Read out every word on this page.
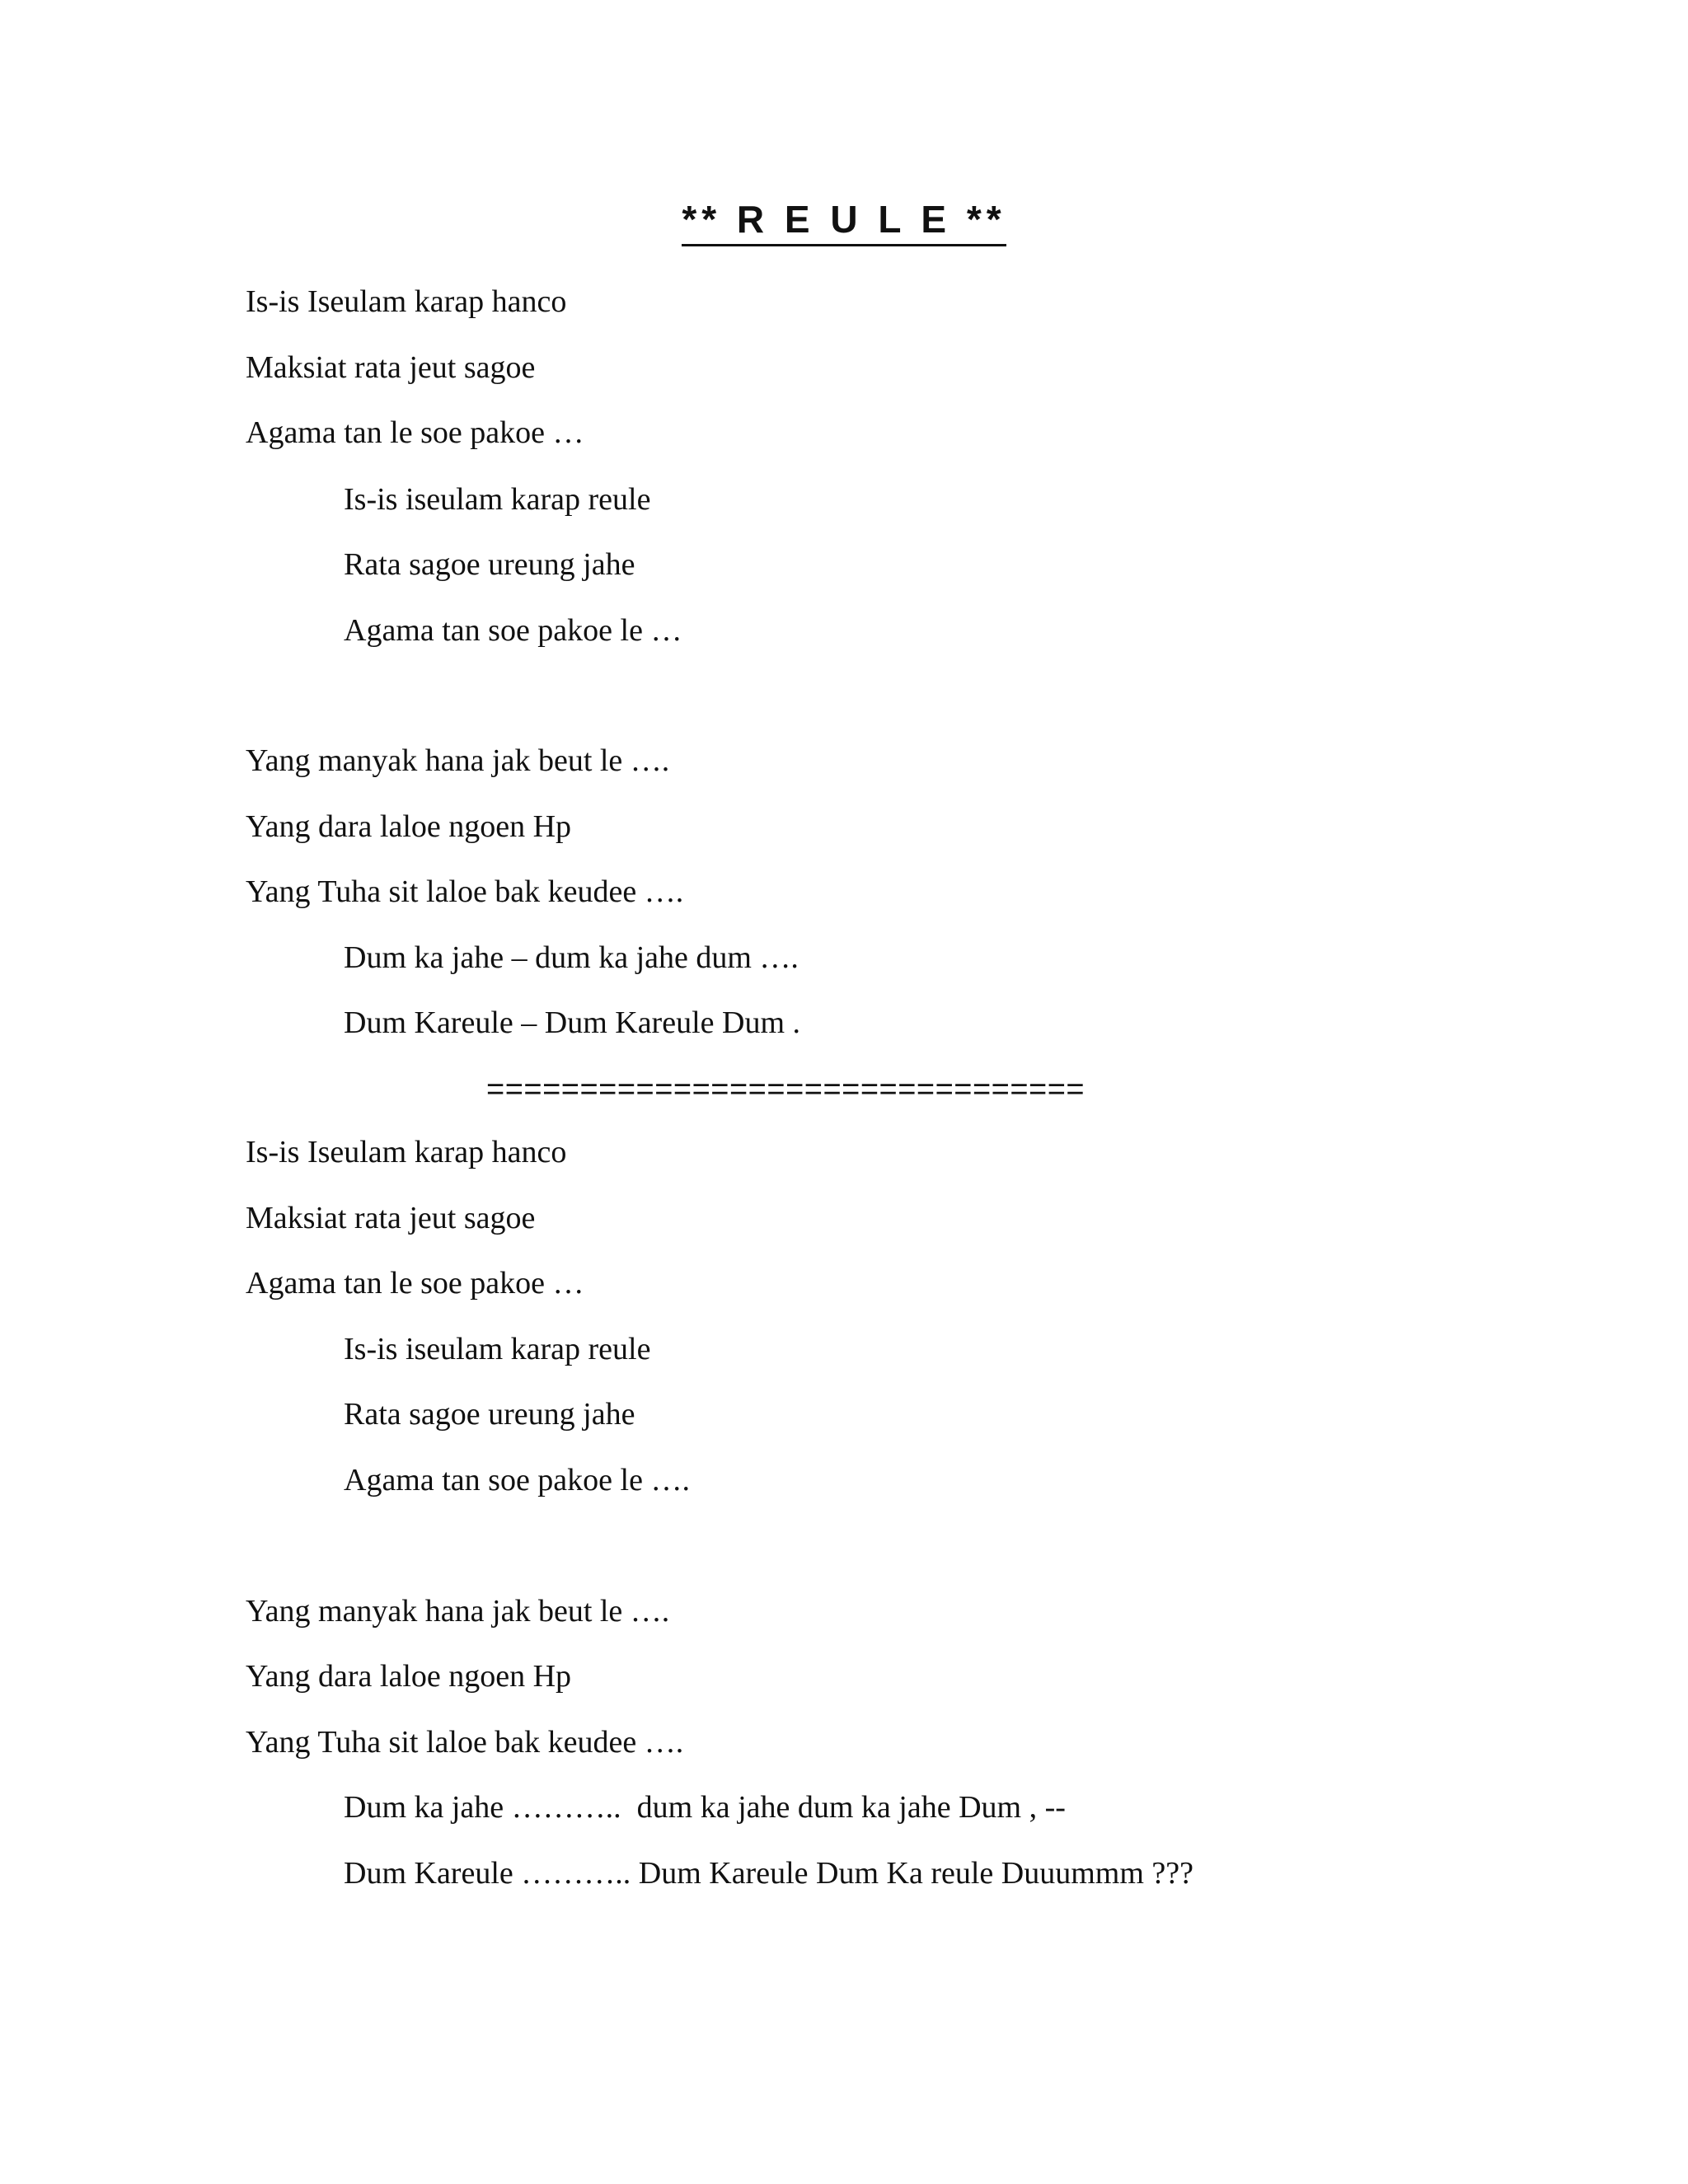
** R E U L E **
Is-is Iseulam karap hanco
Maksiat rata jeut sagoe
Agama tan le soe pakoe …
Is-is iseulam karap reule
Rata sagoe ureung jahe
Agama tan soe pakoe le …
Yang manyak hana jak beut le ….
Yang dara laloe ngoen Hp
Yang Tuha sit laloe bak keudee ….
Dum ka jahe – dum ka jahe dum ….
Dum Kareule – Dum Kareule Dum .
================================
Is-is Iseulam karap hanco
Maksiat rata jeut sagoe
Agama tan le soe pakoe …
Is-is iseulam karap reule
Rata sagoe ureung jahe
Agama tan soe pakoe le ….
Yang manyak hana jak beut le ….
Yang dara laloe ngoen Hp
Yang Tuha sit laloe bak keudee ….
Dum ka jahe ………..  dum ka jahe dum ka jahe Dum , --
Dum Kareule ……….. Dum Kareule Dum Ka reule Duuummm ???
